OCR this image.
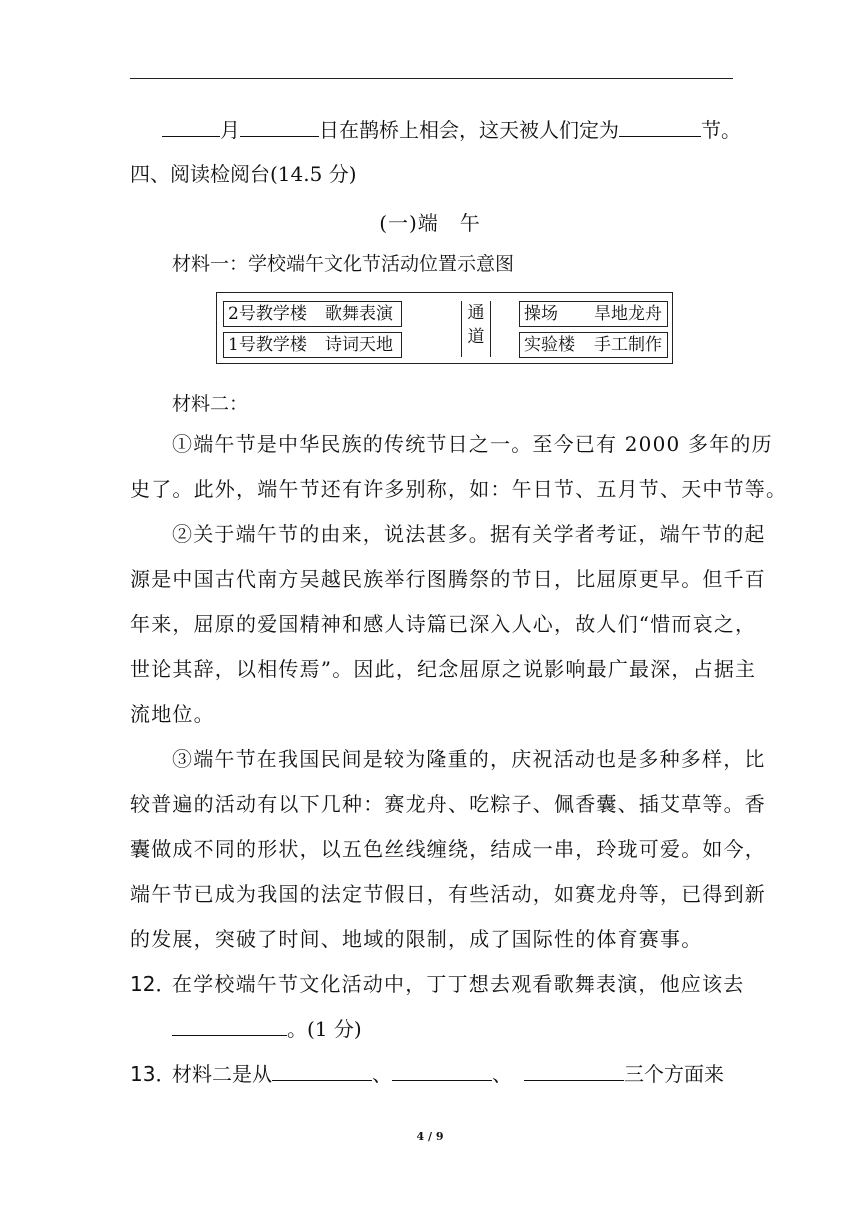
月	日在鹊桥上相会，这天被人们定为	节。
四、阅读检阅台(14.5 分)
(一)端　午
材料一：学校端午文化节活动位置示意图
2号教学楼 歌舞表演
1号教学楼 诗词天地
通
道
操场 旱地龙舟
实验楼 手工制作
材料二：
①端午节是中华民族的传统节日之一。至今已有 2000 多年的历
史了。此外，端午节还有许多别称，如：午日节、五月节、天中节等。
②关于端午节的由来，说法甚多。据有关学者考证，端午节的起
源是中国古代南方吴越民族举行图腾祭的节日，比屈原更早。但千百
年来，屈原的爱国精神和感人诗篇已深入人心，故人们“惜而哀之，
世论其辞，以相传焉”。因此，纪念屈原之说影响最广最深，占据主
流地位。
③端午节在我国民间是较为隆重的，庆祝活动也是多种多样，比
较普遍的活动有以下几种：赛龙舟、吃粽子、佩香囊、插艾草等。香
囊做成不同的形状，以五色丝线缠绕，结成一串，玲珑可爱。如今，
端午节已成为我国的法定节假日，有些活动，如赛龙舟等，已得到新
的发展，突破了时间、地域的限制，成了国际性的体育赛事。
12．
在学校端午节文化活动中，丁丁想去观看歌舞表演，他应该去
。(1 分)
13．
材料二是从	、	、	三个方面来
4 / 9
